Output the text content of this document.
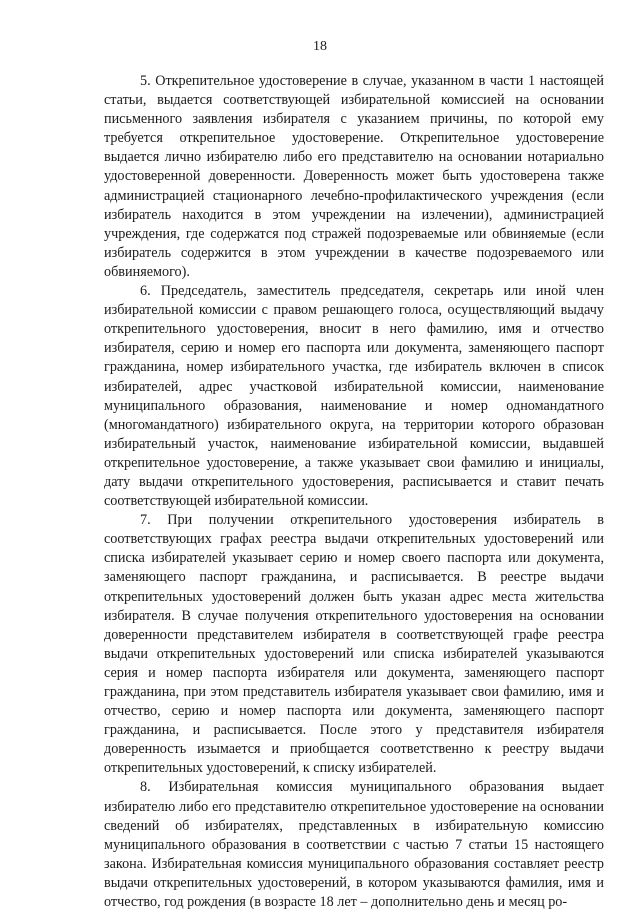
18

5. Открепительное удостоверение в случае, указанном в части 1 настоящей статьи, выдается соответствующей избирательной комиссией на основании письменного заявления избирателя с указанием причины, по которой ему требуется открепительное удостоверение. Открепительное удостоверение выдается лично избирателю либо его представителю на основании нотариально удостоверенной доверенности. Доверенность может быть удостоверена также администрацией стационарного лечебно-профилактического учреждения (если избиратель находится в этом учреждении на излечении), администрацией учреждения, где содержатся под стражей подозреваемые или обвиняемые (если избиратель содержится в этом учреждении в качестве подозреваемого или обвиняемого).

6. Председатель, заместитель председателя, секретарь или иной член избирательной комиссии с правом решающего голоса, осуществляющий выдачу открепительного удостоверения, вносит в него фамилию, имя и отчество избирателя, серию и номер его паспорта или документа, заменяющего паспорт гражданина, номер избирательного участка, где избиратель включен в список избирателей, адрес участковой избирательной комиссии, наименование муниципального образования, наименование и номер одномандатного (многомандатного) избирательного округа, на территории которого образован избирательный участок, наименование избирательной комиссии, выдавшей открепительное удостоверение, а также указывает свои фамилию и инициалы, дату выдачи открепительного удостоверения, расписывается и ставит печать соответствующей избирательной комиссии.

7. При получении открепительного удостоверения избиратель в соответствующих графах реестра выдачи открепительных удостоверений или списка избирателей указывает серию и номер своего паспорта или документа, заменяющего паспорт гражданина, и расписывается. В реестре выдачи открепительных удостоверений должен быть указан адрес места жительства избирателя. В случае получения открепительного удостоверения на основании доверенности представителем избирателя в соответствующей графе реестра выдачи открепительных удостоверений или списка избирателей указываются серия и номер паспорта избирателя или документа, заменяющего паспорт гражданина, при этом представитель избирателя указывает свои фамилию, имя и отчество, серию и номер паспорта или документа, заменяющего паспорт гражданина, и расписывается. После этого у представителя избирателя доверенность изымается и приобщается соответственно к реестру выдачи открепительных удостоверений, к списку избирателей.

8. Избирательная комиссия муниципального образования выдает избирателю либо его представителю открепительное удостоверение на основании сведений об избирателях, представленных в избирательную комиссию муниципального образования в соответствии с частью 7 статьи 15 настоящего закона. Избирательная комиссия муниципального образования составляет реестр выдачи открепительных удостоверений, в котором указываются фамилия, имя и отчество, год рождения (в возрасте 18 лет – дополнительно день и месяц ро-
